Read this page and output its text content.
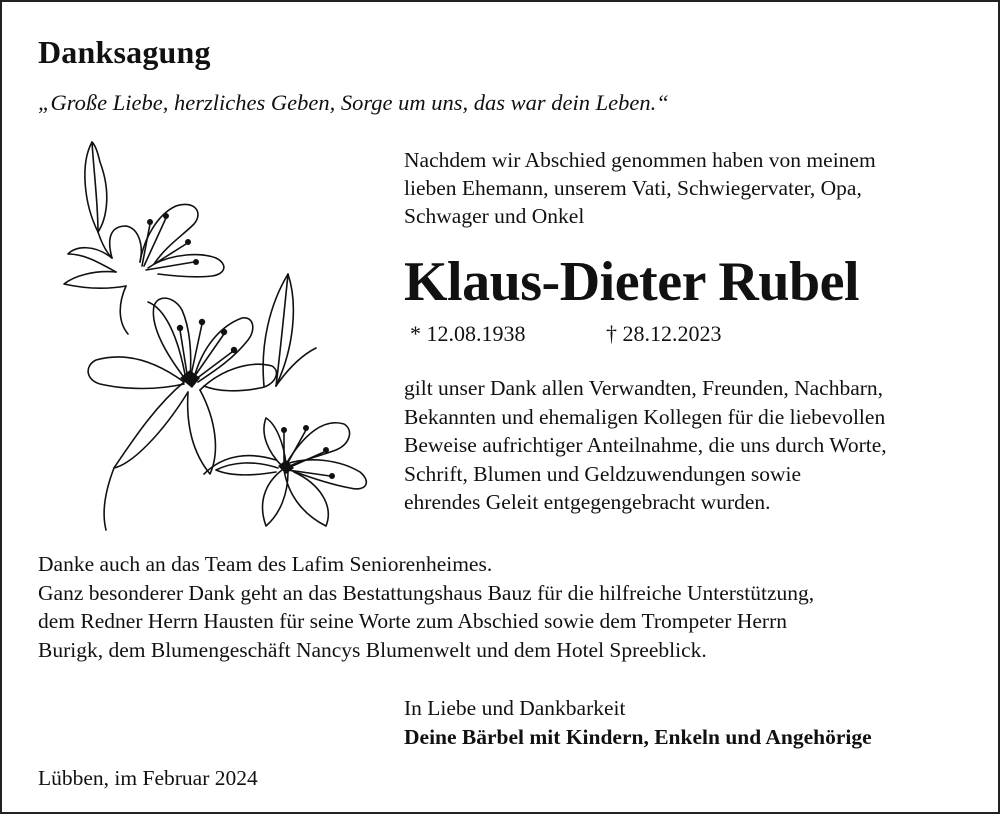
Danksagung

„Große Liebe, herzliches Geben, Sorge um uns, das war dein Leben.“

Nachdem wir Abschied genommen haben von meinem
lieben Ehemann, unserem Vati, Schwiegervater, Opa,
Schwager und Onkel
Klaus-Dieter Rubel
* 12.08.1938	† 28.12.2023
gilt unser Dank allen Verwandten, Freunden, Nachbarn,
Bekannten und ehemaligen Kollegen für die liebevollen
Beweise aufrichtiger Anteilnahme, die uns durch Worte,
Schrift, Blumen und Geldzuwendungen sowie
ehrendes Geleit entgegengebracht wurden.
Danke auch an das Team des Lafim Seniorenheimes.
Ganz besonderer Dank geht an das Bestattungshaus Bauz für die hilfreiche Unterstützung,
dem Redner Herrn Hausten für seine Worte zum Abschied sowie dem Trompeter Herrn
Burigk, dem Blumengeschäft Nancys Blumenwelt und dem Hotel Spreeblick.
In Liebe und Dankbarkeit
Deine Bärbel mit Kindern, Enkeln und Angehörige
Lübben, im Februar 2024
